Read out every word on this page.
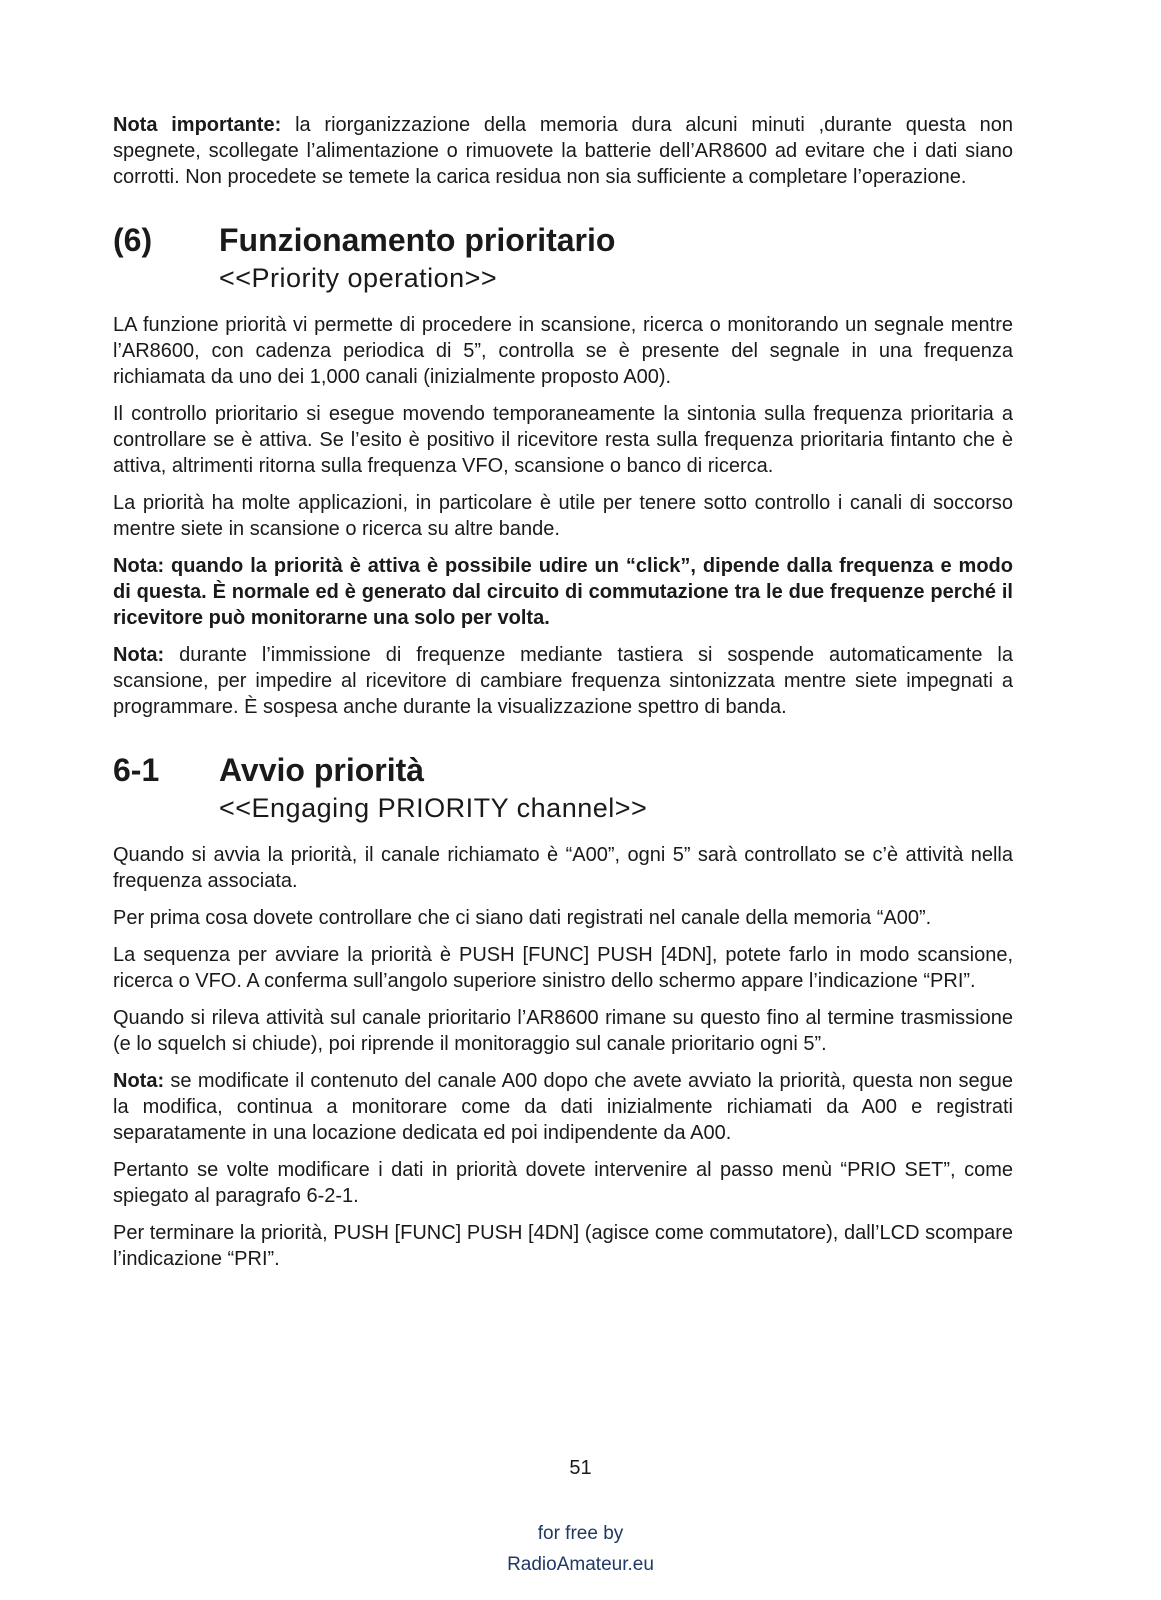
Nota importante: la riorganizzazione della memoria dura alcuni minuti ,durante questa non spegnete, scollegate l’alimentazione o rimuovete la batterie dell’AR8600 ad evitare che i dati siano corrotti. Non procedete se temete la carica residua non sia sufficiente a completare l’operazione.

(6)	Funzionamento prioritario
<<Priority operation>>

LA funzione priorità vi permette di procedere in scansione, ricerca o monitorando un segnale mentre l’AR8600, con cadenza periodica di 5”, controlla se è presente del segnale in una frequenza richiamata da uno dei 1,000 canali (inizialmente proposto A00).

Il controllo prioritario si esegue movendo temporaneamente la sintonia sulla frequenza prioritaria a controllare se è attiva. Se l’esito è positivo il ricevitore resta sulla frequenza prioritaria fintanto che è attiva, altrimenti ritorna sulla frequenza VFO, scansione o banco di ricerca.

La priorità ha molte applicazioni, in particolare è utile per tenere sotto controllo i canali di soccorso mentre siete in scansione o ricerca su altre bande.

Nota: quando la priorità è attiva è possibile udire un “click”, dipende dalla frequenza e modo di questa. È normale ed è generato dal circuito di commutazione tra le due frequenze perché il ricevitore può monitorarne una solo per volta.

Nota: durante l’immissione di frequenze mediante tastiera si sospende automaticamente la scansione, per impedire al ricevitore di cambiare frequenza sintonizzata mentre siete impegnati a programmare. È sospesa anche durante la visualizzazione spettro di banda.

6-1	Avvio priorità
<<Engaging PRIORITY channel>>

Quando si avvia la priorità, il canale richiamato è “A00”, ogni 5” sarà controllato se c’è attività nella frequenza associata.

Per prima cosa dovete controllare che ci siano dati registrati nel canale della memoria “A00”.

La sequenza per avviare la priorità è PUSH [FUNC] PUSH [4DN], potete farlo in modo scansione, ricerca o VFO. A conferma sull’angolo superiore sinistro dello schermo appare l’indicazione “PRI”.

Quando si rileva attività sul canale prioritario l’AR8600 rimane su questo fino al termine trasmissione (e lo squelch si chiude), poi riprende il monitoraggio sul canale prioritario ogni 5”.

Nota: se modificate il contenuto del canale A00 dopo che avete avviato la priorità, questa non segue la modifica, continua a monitorare come da dati inizialmente richiamati da A00 e registrati separatamente in una locazione dedicata ed poi indipendente da A00.

Pertanto se volte modificare i dati in priorità dovete intervenire al passo menù “PRIO SET”, come spiegato al paragrafo 6-2-1.

Per terminare la priorità, PUSH [FUNC] PUSH [4DN] (agisce come commutatore), dall’LCD scompare l’indicazione “PRI”.

51
for free by
RadioAmateur.eu
